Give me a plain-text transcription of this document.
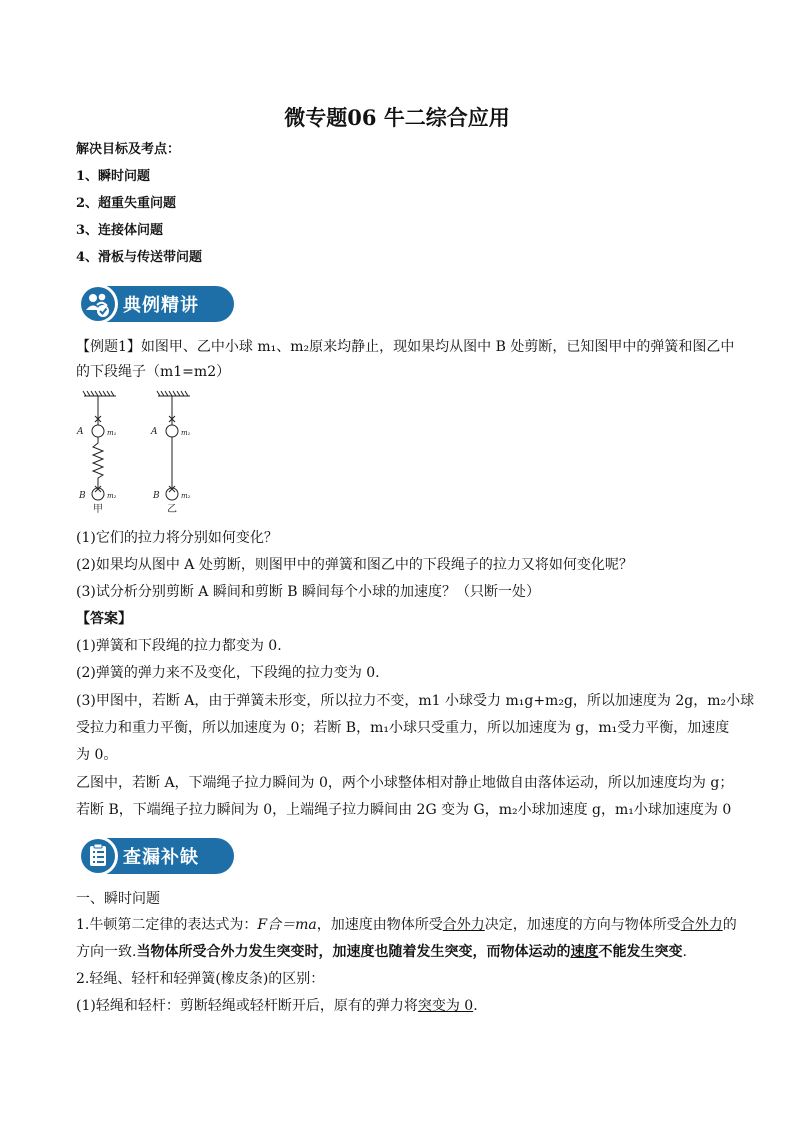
微专题06 牛二综合应用
解决目标及考点：
1、瞬时问题
2、超重失重问题
3、连接体问题
4、滑板与传送带问题
典例精讲
【例题1】如图甲、乙中小球 m₁、m₂原来均静止，现如果均从图中 B 处剪断，已知图甲中的弹簧和图乙中
的下段绳子（m1=m2）
A	m₁
B	m₂
A	m₁
B	m₂
甲	乙
(1)它们的拉力将分别如何变化？
(2)如果均从图中 A 处剪断，则图甲中的弹簧和图乙中的下段绳子的拉力又将如何变化呢？
(3)试分析分别剪断 A 瞬间和剪断 B 瞬间每个小球的加速度？（只断一处）
【答案】
(1)弹簧和下段绳的拉力都变为 0.
(2)弹簧的弹力来不及变化，下段绳的拉力变为 0.
(3)甲图中，若断 A，由于弹簧未形变，所以拉力不变，m1 小球受力 m₁g+m₂g，所以加速度为 2g，m₂小球
受拉力和重力平衡，所以加速度为 0；若断 B，m₁小球只受重力，所以加速度为 g，m₁受力平衡，加速度
为 0。
乙图中，若断 A，下端绳子拉力瞬间为 0，两个小球整体相对静止地做自由落体运动，所以加速度均为 g；
若断 B，下端绳子拉力瞬间为 0，上端绳子拉力瞬间由 2G 变为 G，m₂小球加速度 g，m₁小球加速度为 0
查漏补缺
一、瞬时问题
1.牛顿第二定律的表达式为：F合＝ma，加速度由物体所受合外力决定，加速度的方向与物体所受合外力的
方向一致.当物体所受合外力发生突变时，加速度也随着发生突变，而物体运动的速度不能发生突变.
2.轻绳、轻杆和轻弹簧(橡皮条)的区别：
(1)轻绳和轻杆：剪断轻绳或轻杆断开后，原有的弹力将突变为 0.
